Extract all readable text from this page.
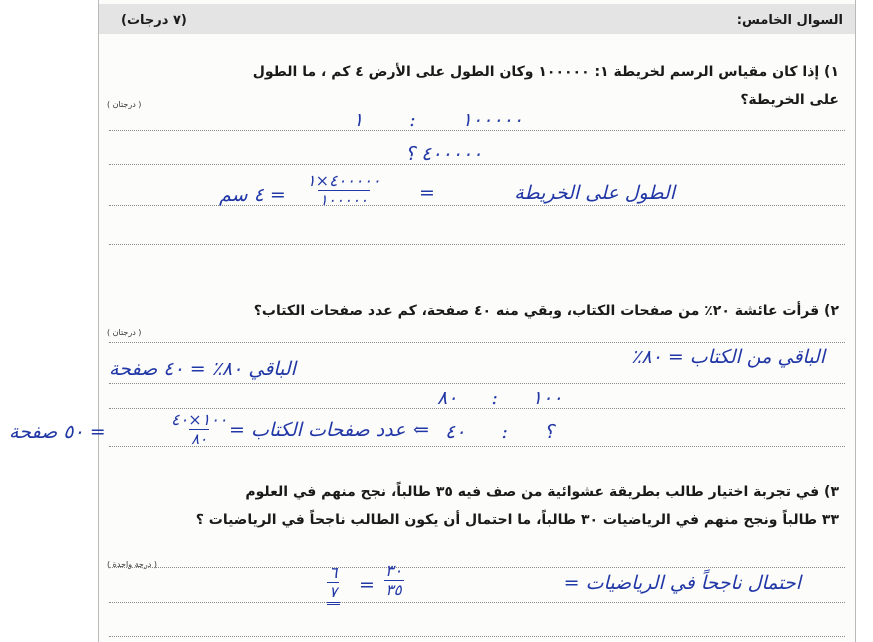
السوال الخامس:
(٧ درجات)
١) إذا كان مقياس الرسم لخريطة ١: ١٠٠٠٠٠ وكان الطول على الأرض ٤ كم ، ما الطول
على الخريطة؟
( درجتان )
١٠٠٠٠٠ : ١
٤٠٠٠٠٠ ؟
الطول على الخريطة
=
٤٠٠٠٠٠×١
١٠٠٠٠٠
= ٤ سم
٢) قرأت عائشة ٢٠٪ من صفحات الكتاب، وبقي منه ٤٠ صفحة، كم عدد صفحات الكتاب؟
( درجتان )
الباقي من الكتاب = ٨٠٪
الباقي ٨٠٪ = ٤٠ صفحة
١٠٠ : ٨٠
؟ : ٤٠
⇐
عدد صفحات الكتاب =
١٠٠×٤٠
٨٠
= ٥٠ صفحة
٣) في تجربة اختيار طالب بطريقة عشوائية من صف فيه ٣٥ طالباً، نجح منهم في العلوم
٣٣ طالباً ونجح منهم في الرياضيات ٣٠ طالباً، ما احتمال أن يكون الطالب ناجحاً في الرياضيات ؟
( درجة واحدة )
احتمال ناجحاً في الرياضيات =
٣٠
٣٥
=
٦
٧
